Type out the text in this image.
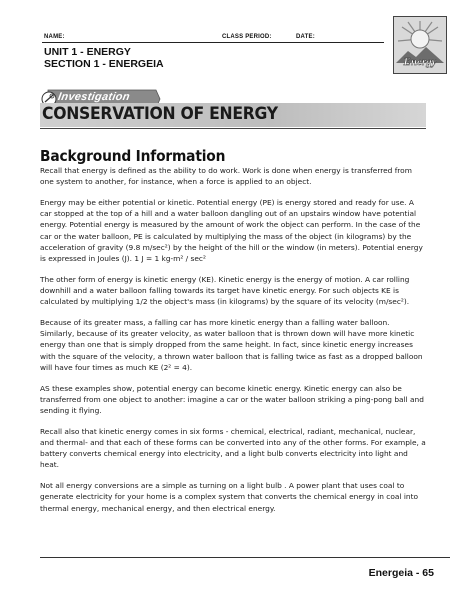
NAME:	CLASS PERIOD:	DATE:
UNIT 1 - ENERGY
SECTION 1 - ENERGEIA	Energy
Investigation
CONSERVATION OF ENERGY
Background Information

Recall that energy is defined as the ability to do work. Work is done when energy is transferred from one system to another, for instance, when a force is applied to an object.

Energy may be either potential or kinetic. Potential energy (PE) is energy stored and ready for use. A car stopped at the top of a hill and a water balloon dangling out of an upstairs window have potential energy. Potential energy is measured by the amount of work the object can perform. In the case of the car or the water balloon, PE is calculated by multiplying the mass of the object (in kilograms) by the acceleration of gravity (9.8 m/sec²) by the height of the hill or the window (in meters). Potential energy is expressed in Joules (J). 1 J = 1 kg-m² / sec²

The other form of energy is kinetic energy (KE). Kinetic energy is the energy of motion. A car rolling downhill and a water balloon falling towards its target have kinetic energy. For such objects KE is calculated by multiplying 1/2 the object's mass (in kilograms) by the square of its velocity (m/sec²).

Because of its greater mass, a falling car has more kinetic energy than a falling water balloon. Similarly, because of its greater velocity, as water balloon that is thrown down will have more kinetic energy than one that is simply dropped from the same height. In fact, since kinetic energy increases with the square of the velocity, a thrown water balloon that is falling twice as fast as a dropped balloon will have four times as much KE (2² = 4).

AS these examples show, potential energy can become kinetic energy. Kinetic energy can also be transferred from one object to another: imagine a car or the water balloon striking a ping-pong ball and sending it flying.

Recall also that kinetic energy comes in six forms - chemical, electrical, radiant, mechanical, nuclear, and thermal- and that each of these forms can be converted into any of the other forms. For example, a battery converts chemical energy into electricity, and a light bulb converts electricity into light and heat.

Not all energy conversions are a simple as turning on a light bulb . A power plant that uses coal to generate electricity for your home is a complex system that converts the chemical energy in coal into thermal energy, mechanical energy, and then electrical energy.

Energeia - 65
